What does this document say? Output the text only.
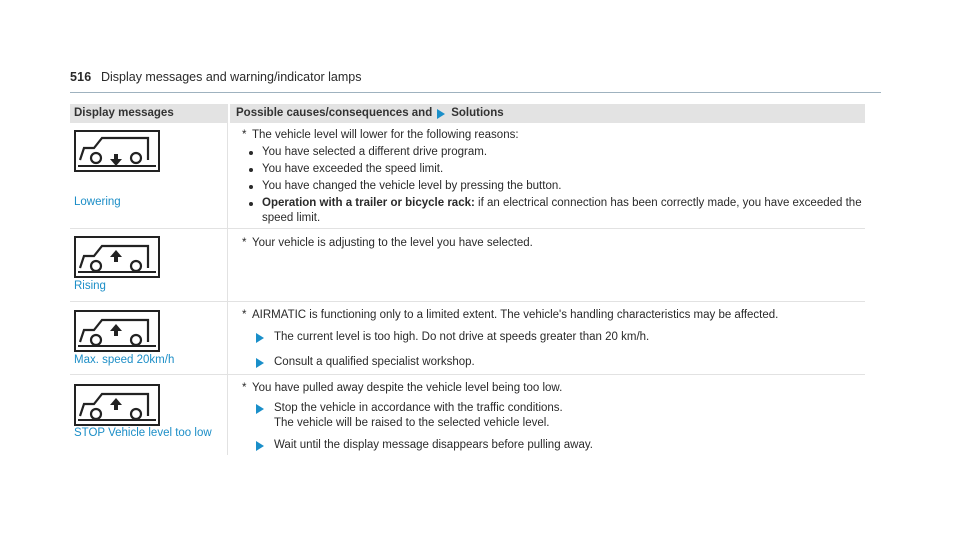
516 Display messages and warning/indicator lamps
Display messages	Possible causes/consequences and Solutions
Lowering
* The vehicle level will lower for the following reasons:
You have selected a different drive program.
You have exceeded the speed limit.
You have changed the vehicle level by pressing the button.
Operation with a trailer or bicycle rack: if an electrical connection has been correctly made, you have exceeded the speed limit.
Rising
* Your vehicle is adjusting to the level you have selected.
Max. speed 20km/h
* AIRMATIC is functioning only to a limited extent. The vehicle's handling characteristics may be affected.
The current level is too high. Do not drive at speeds greater than 20 km/h.
Consult a qualified specialist workshop.
STOP Vehicle level too low
* You have pulled away despite the vehicle level being too low.
Stop the vehicle in accordance with the traffic conditions.
The vehicle will be raised to the selected vehicle level.
Wait until the display message disappears before pulling away.
